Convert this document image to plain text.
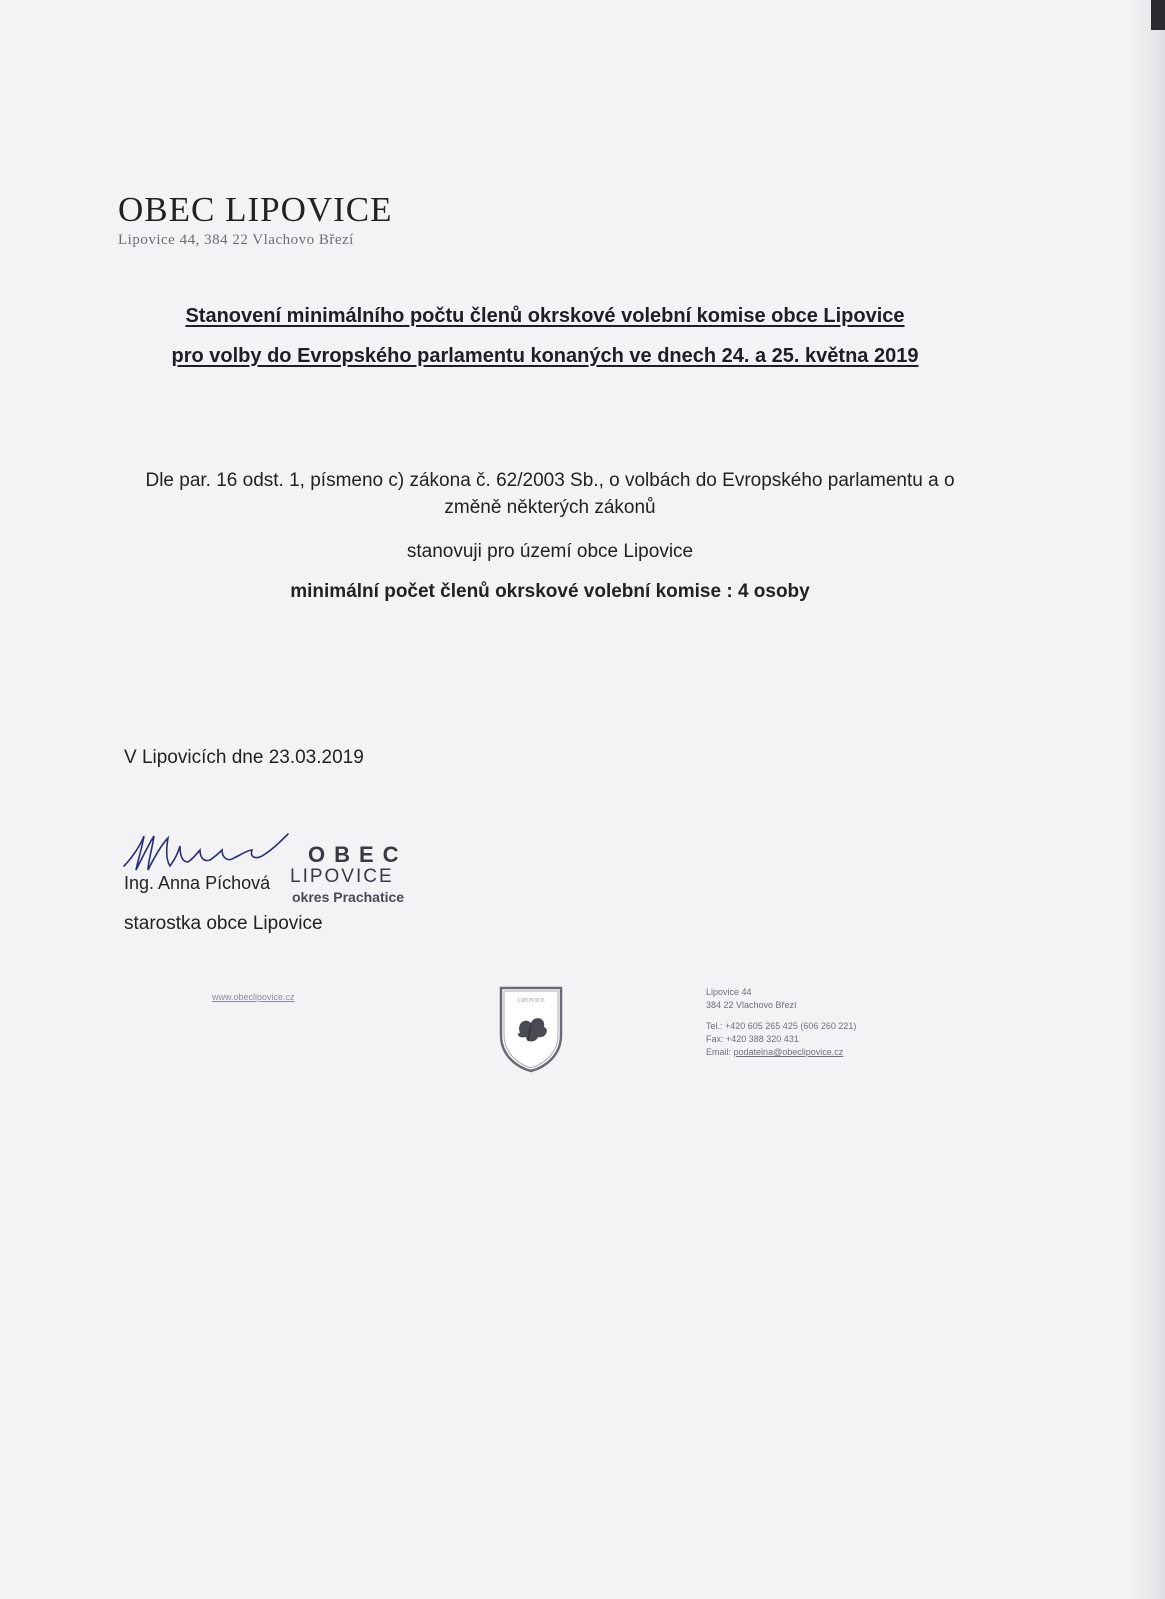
OBEC LIPOVICE
Lipovice 44, 384 22 Vlachovo Březí
Stanovení minimálního počtu členů okrskové volební komise obce Lipovice
pro volby do Evropského parlamentu konaných ve dnech 24. a 25. května 2019
Dle par. 16 odst. 1, písmeno c) zákona č. 62/2003 Sb., o volbách do Evropského parlamentu a o
změně některých zákonů
stanovuji pro území obce Lipovice
minimální počet členů okrskové volební komise : 4 osoby
V Lipovicích dne 23.03.2019
Ing. Anna Píchová
starostka obce Lipovice
OBEC
LIPOVICE
okres Prachatice
www.obeclipovice.cz	LIPOVICE
Lipovice 44
384 22 Vlachovo Březí
Tel.: +420 605 265 425 (606 260 221)
Fax: +420 388 320 431
Email: podatelna@obeclipovice.cz
